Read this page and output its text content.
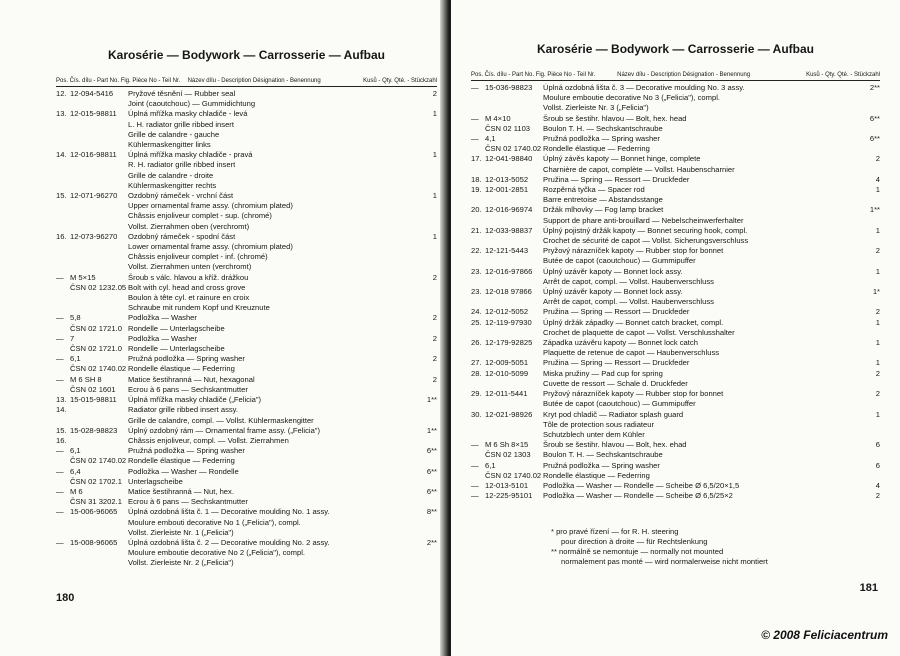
Karosérie — Bodywork — Carrosserie — Aufbau
Pos. Čís. dílu - Part No. Fig. Pièce No - Teil Nr.	Název dílu - Description Désignation - Benennung	Kusů - Qty. Qté. - Stückzahl
12. 12-094-5416	Pryžové těsnění — Rubber seal	2
Joint (caoutchouc) — Gummidichtung
13. 12-015-98811	Úplná mřížka masky chladiče - levá	1
L. H. radiator grille ribbed insert
Grille de calandre - gauche
Kühlermaskengitter links
14. 12-016-98811	Úplná mřížka masky chladiče - pravá	1
R. H. radiator grille ribbed insert
Grille de calandre - droite
Kühlermaskengitter rechts
15. 12-071-96270	Ozdobný rámeček - vrchní část	1
Upper ornamental frame assy. (chromium plated)
Châssis enjoliveur complet - sup. (chromé)
Vollst. Zierrahmen oben (verchromt)
16. 12-073-96270	Ozdobný rámeček - spodní část	1
Lower ornamental frame assy. (chromium plated)
Châssis enjoliveur complet - inf. (chromé)
Vollst. Zierrahmen unten (verchromt)
— M 5×15	Šroub s válc. hlavou a kříž. drážkou	2
ČSN 02 1232.05 Bolt with cyl. head and cross grove
Boulon à tête cyl. et rainure en croix
Schraube mit rundem Kopf und Kreuznute
— 5,8	Podložka — Washer	2
ČSN 02 1721.0 Rondelle — Unterlagscheibe
— 7	Podložka — Washer	2
ČSN 02 1721.0 Rondelle — Unterlagscheibe
— 6,1	Pružná podložka — Spring washer	2
ČSN 02 1740.02 Rondelle élastique — Federring
— M 6 SH 8	Matice šestihranná — Nut, hexagonal	2
ČSN 02 1601	Ecrou à 6 pans — Sechskantmutter
13. 15-015-98811	Úplná mřížka masky chladiče („Felicia")	1**
14.	Radiator grille ribbed insert assy.
Grille de calandre, compl. — Vollst. Kühlermaskengitter
15. 15-028-98823	Úplný ozdobný rám — Ornamental frame assy. („Felicia")	1**
16.	Châssis enjoliveur, compl. — Vollst. Zierrahmen
— 6,1	Pružná podložka — Spring washer	6**
ČSN 02 1740.02 Rondelle élastique — Federring
— 6,4	Podložka — Washer — Rondelle	6**
ČSN 02 1702.1 Unterlagscheibe
— M 6	Matice šestihranná — Nut, hex.	6**
ČSN 31 3202.1 Ecrou à 6 pans — Sechskantmutter
— 15-006-96065	Úplná ozdobná lišta č. 1 — Decorative moulding No. 1 assy.	8**
Moulure embouti decorative No 1 („Felicia"), compl.
Vollst. Zierleiste Nr. 1 („Felicia")
— 15-008-96065	Úplná ozdobná lišta č. 2 — Decorative moulding No. 2 assy.	2**
Moulure emboutie decorative No 2 („Felicia"), compl.
Vollst. Zierleiste Nr. 2 („Felicia")
180
Karosérie — Bodywork — Carrosserie — Aufbau
Pos. Čís. dílu - Part No. Fig. Pièce No - Teil Nr.	Název dílu - Description Désignation - Benennung	Kusů - Qty. Qté. - Stückzahl
— 15-036-98823	Úplná ozdobná lišta č. 3 — Decorative moulding No. 3 assy.	2**
Moulure emboutie decorative No 3 („Felicia"), compl.
Vollst. Zierleiste Nr. 3 („Felicia")
— M 4×10	Šroub se šestihr. hlavou — Bolt, hex. head	6**
ČSN 02 1103	Boulon T. H. — Sechskantschraube
— 4,1	Pružná podložka — Spring washer	6**
ČSN 02 1740.02 Rondelle élastique — Federring
17. 12-041-98840	Úplný závěs kapoty — Bonnet hinge, complete	2
Charnière de capot, complète — Vollst. Haubenscharnier
18. 12-013-5052	Pružina — Spring — Ressort — Druckfeder	4
19. 12-001-2851	Rozpěrná tyčka — Spacer rod	1
Barre entretoise — Abstandsstange
20. 12-016-96974	Držák mlhovky — Fog lamp bracket	1**
Support de phare anti-brouillard — Nebelscheinwerferhalter
21. 12-033-98837	Úplný pojistný držák kapoty — Bonnet securing hook, compl.	1
Crochet de sécurité de capot — Vollst. Sicherungsverschluss
22. 12-121-5443	Pryžový nárazníček kapoty — Rubber stop for bonnet	2
Butée de capot (caoutchouc) — Gummipuffer
23. 12-016-97866	Úplný uzávěr kapoty — Bonnet lock assy.	1
Arrêt de capot, compl. — Vollst. Haubenverschluss
23. 12-018 97866	Úplný uzávěr kapoty — Bonnet lock assy.	1*
Arrêt de capot, compl. — Vollst. Haubenverschluss
24. 12-012-5052	Pružina — Spring — Ressort — Druckfeder	2
25. 12-119-97930	Úplný držák západky — Bonnet catch bracket, compl.	1
Crochet de plaquette de capot — Vollst. Verschlusshalter
26. 12-179-92825	Západka uzávěru kapoty — Bonnet lock catch	1
Plaquette de retenue de capot — Haubenverschluss
27. 12-009-5051	Pružina — Spring — Ressort — Druckfeder	1
28. 12-010-5099	Miska pružiny — Pad cup for spring	2
Cuvette de ressort — Schale d. Druckfeder
29. 12-011-5441	Pryžový nárazníček kapoty — Rubber stop for bonnet	2
Butée de capot (caoutchouc) — Gummipuffer
30. 12-021-98926	Kryt pod chladič — Radiator splash guard	1
Tôle de protection sous radiateur
Schutzblech unter dem Kühler
— M 6 Sh 8×15	Šroub se šestihr. hlavou — Bolt, hex. ehad	6
ČSN 02 1303	Boulon T. H. — Sechskantschraube
— 6,1	Pružná podložka — Spring washer	6
ČSN 02 1740.02 Rondelle élastique — Federring
— 12-013-5101	Podložka — Washer — Rondelle — Scheibe Ø 6,5/20×1,5	4
— 12-225-95101	Podložka — Washer — Rondelle — Scheibe Ø 6,5/25×2	2
* pro pravé řízení — for R. H. steering
pour direction à droite — für Rechtslenkung
** normálně se nemontuje — normally not mounted
normalement pas monté — wird normalerweise nicht montiert
181
© 2008 Feliciacentrum
